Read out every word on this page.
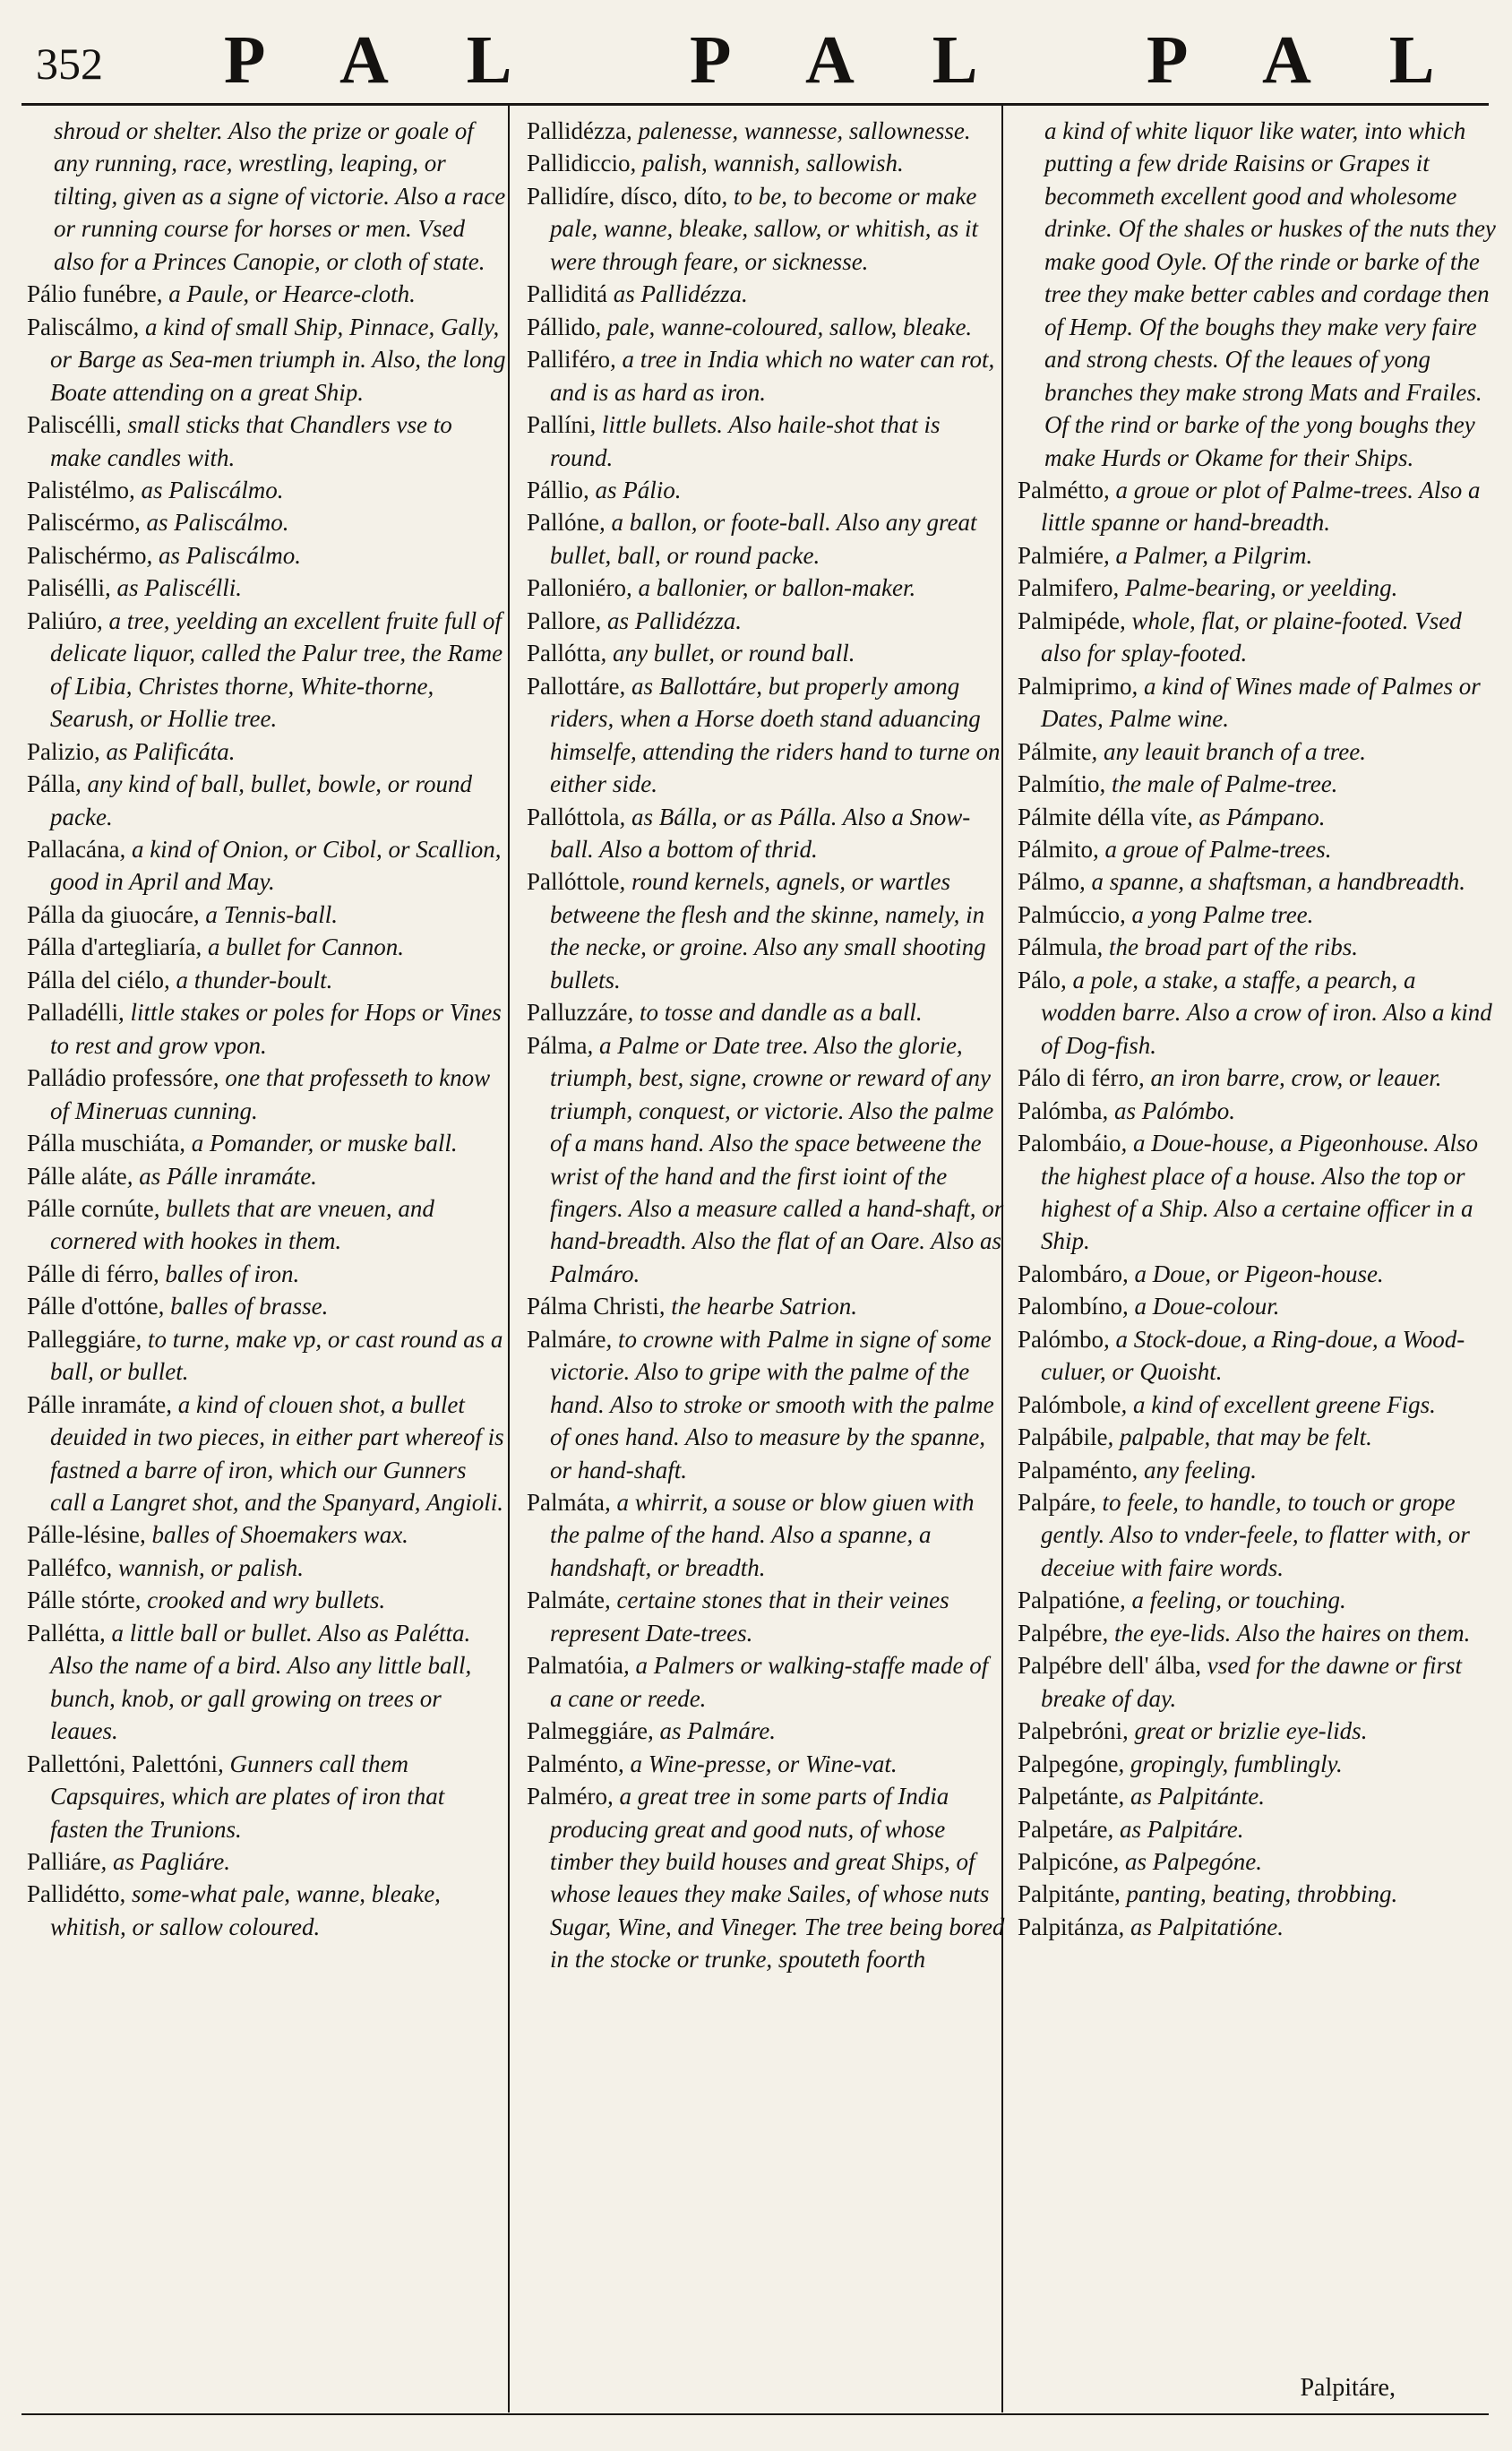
352 P A L P A L P A L

shroud or shelter. Also the prize or goale of any running, race, wrestling, leaping, or tilting, given as a signe of victorie. Also a race or running course for horses or men. Vsed also for a Princes Canopie, or cloth of state.

Pálio funébre, a Paule, or Hearce-cloth.

Paliscálmo, a kind of small Ship, Pinnace, Gally, or Barge as Sea-men triumph in. Also, the long Boate attending on a great Ship.

Paliscélli, small sticks that Chandlers vse to make candles with.

Palistélmo, as Paliscálmo.

Paliscérmo, as Paliscálmo.

Palischérmo, as Paliscálmo.

Palisélli, as Paliscélli.

Paliúro, a tree, yeelding an excellent fruite full of delicate liquor, called the Palur tree, the Rame of Libia, Christes thorne, White-thorne, Searush, or Hollie tree.

Palizio, as Palificáta.

Pálla, any kind of ball, bullet, bowle, or round packe.

Pallacána, a kind of Onion, or Cibol, or Scallion, good in April and May.

Pálla da giuocáre, a Tennis-ball.

Pálla d'artegliaría, a bullet for Cannon.

Pálla del ciélo, a thunder-boult.

Palladélli, little stakes or poles for Hops or Vines to rest and grow vpon.

Palládio professóre, one that professeth to know of Mineruas cunning.

Pálla muschiáta, a Pomander, or muske ball.

Pálle aláte, as Pálle inramáte.

Pálle cornúte, bullets that are vneuen, and cornered with hookes in them.

Pálle di férro, balles of iron.

Pálle d'ottóne, balles of brasse.

Palleggiáre, to turne, make vp, or cast round as a ball, or bullet.

Pálle inramáte, a kind of clouen shot, a bullet deuided in two pieces, in either part whereof is fastned a barre of iron, which our Gunners call a Langret shot, and the Spanyard, Angioli.

Pálle-lésine, balles of Shoemakers wax.

Palléfco, wannish, or palish.

Pálle stórte, crooked and wry bullets.

Pallétta, a little ball or bullet. Also as Palétta. Also the name of a bird. Also any little ball, bunch, knob, or gall growing on trees or leaues.

Pallettóni, Palettóni, Gunners call them Capsquires, which are plates of iron that fasten the Trunions.

Palliáre, as Pagliáre.

Pallidétto, some-what pale, wanne, bleake, whitish, or sallow coloured.

Pallidézza, palenesse, wannesse, sallownesse.

Pallidiccio, palish, wannish, sallowish.

Pallidíre, dísco, díto, to be, to become or make pale, wanne, bleake, sallow, or whitish, as it were through feare, or sicknesse.

Palliditá as Pallidézza.

Pállido, pale, wanne-coloured, sallow, bleake.

Palliféro, a tree in India which no water can rot, and is as hard as iron.

Pallíni, little bullets. Also haile-shot that is round.

Pállio, as Pálio.

Pallóne, a ballon, or foote-ball. Also any great bullet, ball, or round packe.

Palloniéro, a ballonier, or ballon-maker.

Pallore, as Pallidézza.

Pallótta, any bullet, or round ball.

Pallottáre, as Ballottáre, but properly among riders, when a Horse doeth stand aduancing himselfe, attending the riders hand to turne on either side.

Pallóttola, as Bálla, or as Pálla. Also a Snow-ball. Also a bottom of thrid.

Pallóttole, round kernels, agnels, or wartles betweene the flesh and the skinne, namely, in the necke, or groine. Also any small shooting bullets.

Palluzzáre, to tosse and dandle as a ball.

Pálma, a Palme or Date tree. Also the glorie, triumph, best, signe, crowne or reward of any triumph, conquest, or victorie. Also the palme of a mans hand. Also the space betweene the wrist of the hand and the first ioint of the fingers. Also a measure called a hand-shaft, or hand-breadth. Also the flat of an Oare. Also as Palmáro.

Pálma Christi, the hearbe Satrion.

Palmáre, to crowne with Palme in signe of some victorie. Also to gripe with the palme of the hand. Also to stroke or smooth with the palme of ones hand. Also to measure by the spanne, or hand-shaft.

Palmáta, a whirrit, a souse or blow giuen with the palme of the hand. Also a spanne, a handshaft, or breadth.

Palmáte, certaine stones that in their veines represent Date-trees.

Palmatóia, a Palmers or walking-staffe made of a cane or reede.

Palmeggiáre, as Palmáre.

Palménto, a Wine-presse, or Wine-vat.

Palméro, a great tree in some parts of India producing great and good nuts, of whose timber they build houses and great Ships, of whose leaues they make Sailes, of whose nuts Sugar, Wine, and Vineger. The tree being bored in the stocke or trunke, spouteth foorth

a kind of white liquor like water, into which putting a few dride Raisins or Grapes it becommeth excellent good and wholesome drinke. Of the shales or huskes of the nuts they make good Oyle. Of the rinde or barke of the tree they make better cables and cordage then of Hemp. Of the boughs they make very faire and strong chests. Of the leaues of yong branches they make strong Mats and Frailes. Of the rind or barke of the yong boughs they make Hurds or Okame for their Ships.

Palmétto, a groue or plot of Palme-trees. Also a little spanne or hand-breadth.

Palmiére, a Palmer, a Pilgrim.

Palmifero, Palme-bearing, or yeelding.

Palmipéde, whole, flat, or plaine-footed. Vsed also for splay-footed.

Palmiprimo, a kind of Wines made of Palmes or Dates, Palme wine.

Pálmite, any leauit branch of a tree.

Palmítio, the male of Palme-tree.

Pálmite délla víte, as Pámpano.

Pálmito, a groue of Palme-trees.

Pálmo, a spanne, a shaftsman, a handbreadth.

Palmúccio, a yong Palme tree.

Pálmula, the broad part of the ribs.

Pálo, a pole, a stake, a staffe, a pearch, a wodden barre. Also a crow of iron. Also a kind of Dog-fish.

Pálo di férro, an iron barre, crow, or leauer.

Palómba, as Palómbo.

Palombáio, a Doue-house, a Pigeonhouse. Also the highest place of a house. Also the top or highest of a Ship. Also a certaine officer in a Ship.

Palombáro, a Doue, or Pigeon-house.

Palombíno, a Doue-colour.

Palómbo, a Stock-doue, a Ring-doue, a Wood-culuer, or Quoisht.

Palómbole, a kind of excellent greene Figs.

Palpábile, palpable, that may be felt.

Palpaménto, any feeling.

Palpáre, to feele, to handle, to touch or grope gently. Also to vnder-feele, to flatter with, or deceiue with faire words.

Palpatióne, a feeling, or touching.

Palpébre, the eye-lids. Also the haires on them.

Palpébre dell' álba, vsed for the dawne or first breake of day.

Palpebróni, great or brizlie eye-lids.

Palpegóne, gropingly, fumblingly.

Palpetánte, as Palpitánte.

Palpetáre, as Palpitáre.

Palpicóne, as Palpegóne.

Palpitánte, panting, beating, throbbing.

Palpitánza, as Palpitatióne.

Palpitáre,
